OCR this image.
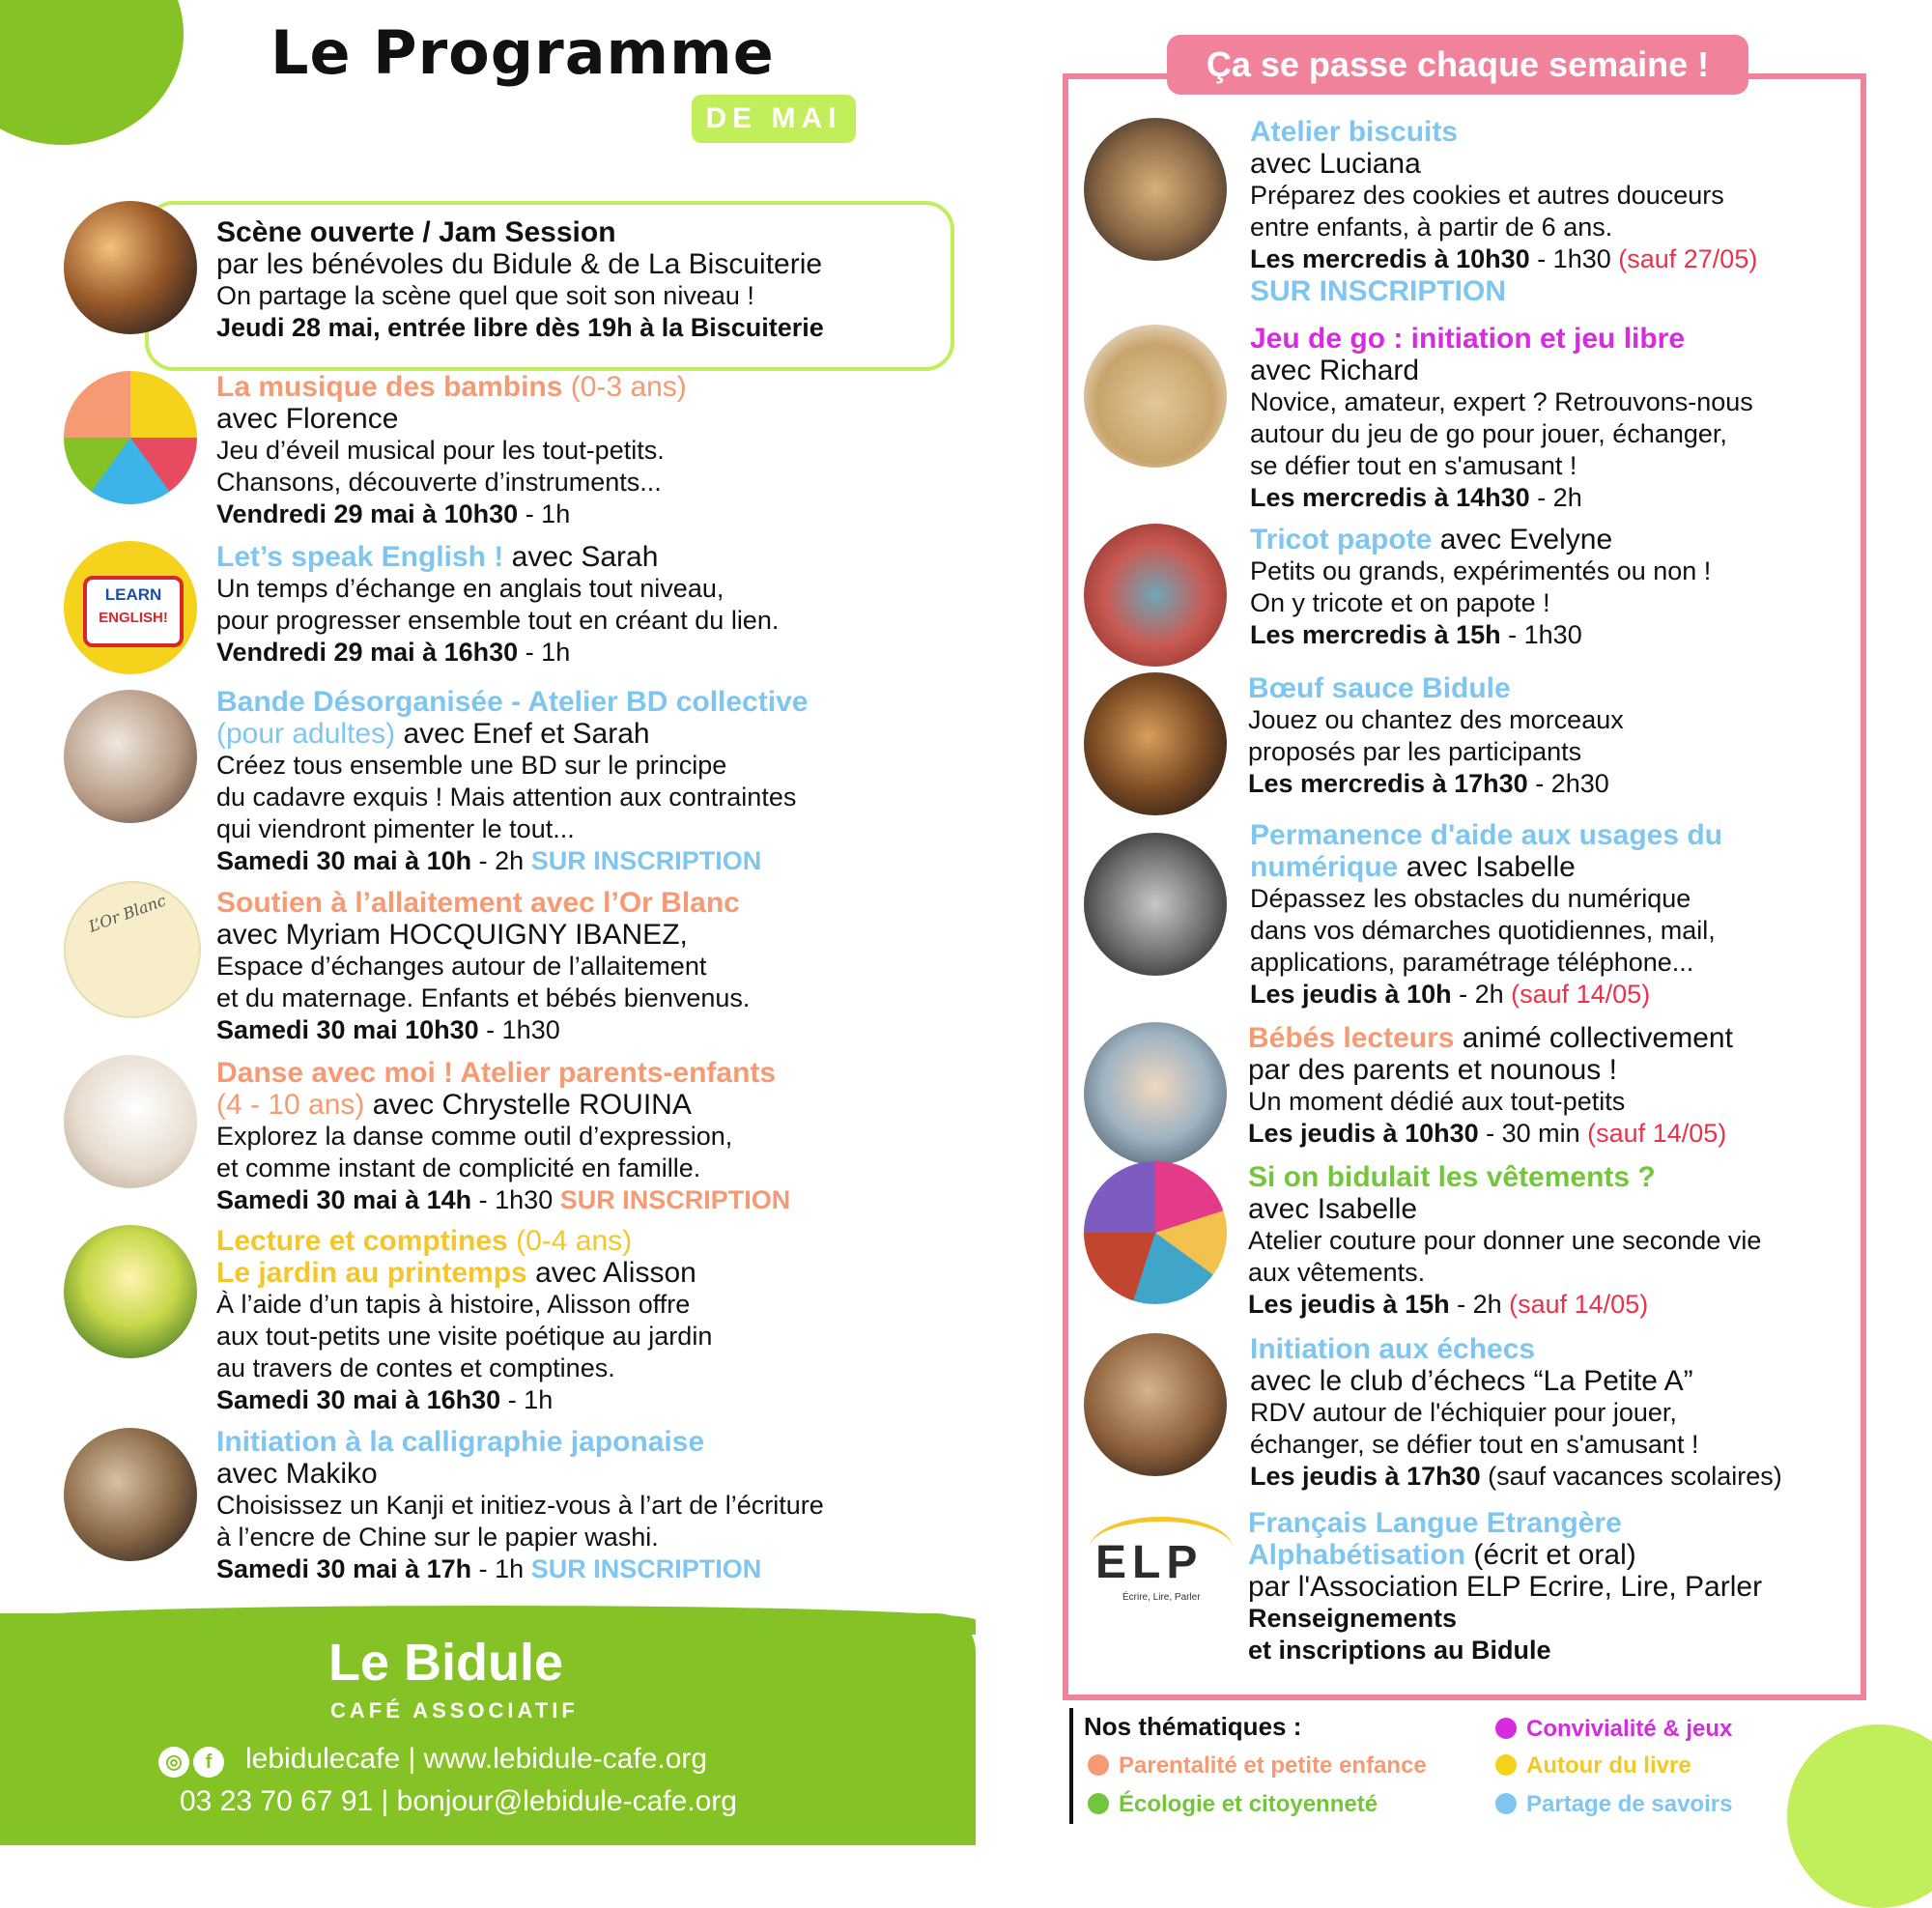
Le Programme
DE MAI
Scène ouverte / Jam Session
par les bénévoles du Bidule & de La Biscuiterie
On partage la scène quel que soit son niveau !
Jeudi 28 mai, entrée libre dès 19h à la Biscuiterie
La musique des bambins (0-3 ans)
avec Florence
Jeu d’éveil musical pour les tout-petits.
Chansons, découverte d’instruments...
Vendredi 29 mai à 10h30 - 1h
LEARN
ENGLISH!
Let’s speak English ! avec Sarah
Un temps d’échange en anglais tout niveau,
pour progresser ensemble tout en créant du lien.
Vendredi 29 mai à 16h30 - 1h
Bande Désorganisée - Atelier BD collective
(pour adultes) avec Enef et Sarah
Créez tous ensemble une BD sur le principe
du cadavre exquis ! Mais attention aux contraintes
qui viendront pimenter le tout...
Samedi 30 mai à 10h - 2h SUR INSCRIPTION
L’Or Blanc Soutien à l’allaitement avec l’Or Blanc
avec Myriam HOCQUIGNY IBANEZ,
Espace d’échanges autour de l’allaitement
et du maternage. Enfants et bébés bienvenus.
Samedi 30 mai 10h30 - 1h30
Danse avec moi ! Atelier parents-enfants
(4 - 10 ans) avec Chrystelle ROUINA
Explorez la danse comme outil d’expression,
et comme instant de complicité en famille.
Samedi 30 mai à 14h - 1h30 SUR INSCRIPTION
Lecture et comptines (0-4 ans)
Le jardin au printemps avec Alisson
À l’aide d’un tapis à histoire, Alisson offre
aux tout-petits une visite poétique au jardin
au travers de contes et comptines.
Samedi 30 mai à 16h30 - 1h
Initiation à la calligraphie japonaise
avec Makiko
Choisissez un Kanji et initiez-vous à l’art de l’écriture
à l’encre de Chine sur le papier washi.
Samedi 30 mai à 17h - 1h SUR INSCRIPTION
Ça se passe chaque semaine !
Atelier biscuits
avec Luciana
Préparez des cookies et autres douceurs
entre enfants, à partir de 6 ans.
Les mercredis à 10h30 - 1h30 (sauf 27/05)
SUR INSCRIPTION
Jeu de go : initiation et jeu libre
avec Richard
Novice, amateur, expert ? Retrouvons-nous
autour du jeu de go pour jouer, échanger,
se défier tout en s'amusant !
Les mercredis à 14h30 - 2h
Tricot papote avec Evelyne
Petits ou grands, expérimentés ou non !
On y tricote et on papote !
Les mercredis à 15h - 1h30
Bœuf sauce Bidule
Jouez ou chantez des morceaux
proposés par les participants
Les mercredis à 17h30 - 2h30
Permanence d'aide aux usages du
numérique avec Isabelle
Dépassez les obstacles du numérique
dans vos démarches quotidiennes, mail,
applications, paramétrage téléphone...
Les jeudis à 10h - 2h (sauf 14/05)
Bébés lecteurs animé collectivement
par des parents et nounous !
Un moment dédié aux tout-petits
Les jeudis à 10h30 - 30 min (sauf 14/05)
Si on bidulait les vêtements ?
avec Isabelle
Atelier couture pour donner une seconde vie
aux vêtements.
Les jeudis à 15h - 2h (sauf 14/05)
Initiation aux échecs
avec le club d’échecs “La Petite A”
RDV autour de l'échiquier pour jouer,
échanger, se défier tout en s'amusant !
Les jeudis à 17h30 (sauf vacances scolaires)
ELP
Écrire, Lire, Parler
Français Langue Etrangère
Alphabétisation (écrit et oral)
par l'Association ELP Ecrire, Lire, Parler
Renseignements
et inscriptions au Bidule
Le Bidule
CAFÉ ASSOCIATIF
◎	f	lebidulecafe | www.lebidule-cafe.org
03 23 70 67 91 | bonjour@lebidule-cafe.org
Nos thématiques :
Parentalité et petite enfance
Écologie et citoyenneté
Convivialité & jeux
Autour du livre
Partage de savoirs
